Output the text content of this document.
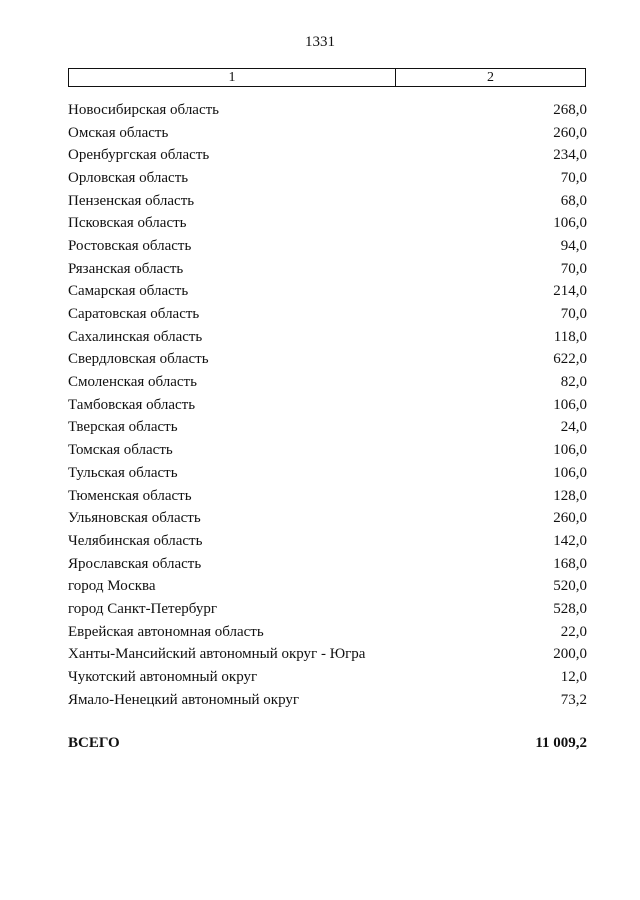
1331
1	2
Новосибирская область	268,0
Омская область	260,0
Оренбургская область	234,0
Орловская область	70,0
Пензенская область	68,0
Псковская область	106,0
Ростовская область	94,0
Рязанская область	70,0
Самарская область	214,0
Саратовская область	70,0
Сахалинская область	118,0
Свердловская область	622,0
Смоленская область	82,0
Тамбовская область	106,0
Тверская область	24,0
Томская область	106,0
Тульская область	106,0
Тюменская область	128,0
Ульяновская область	260,0
Челябинская область	142,0
Ярославская область	168,0
город Москва	520,0
город Санкт-Петербург	528,0
Еврейская автономная область	22,0
Ханты-Мансийский автономный округ - Югра	200,0
Чукотский автономный округ	12,0
Ямало-Ненецкий автономный округ	73,2
ВСЕГО	11 009,2
